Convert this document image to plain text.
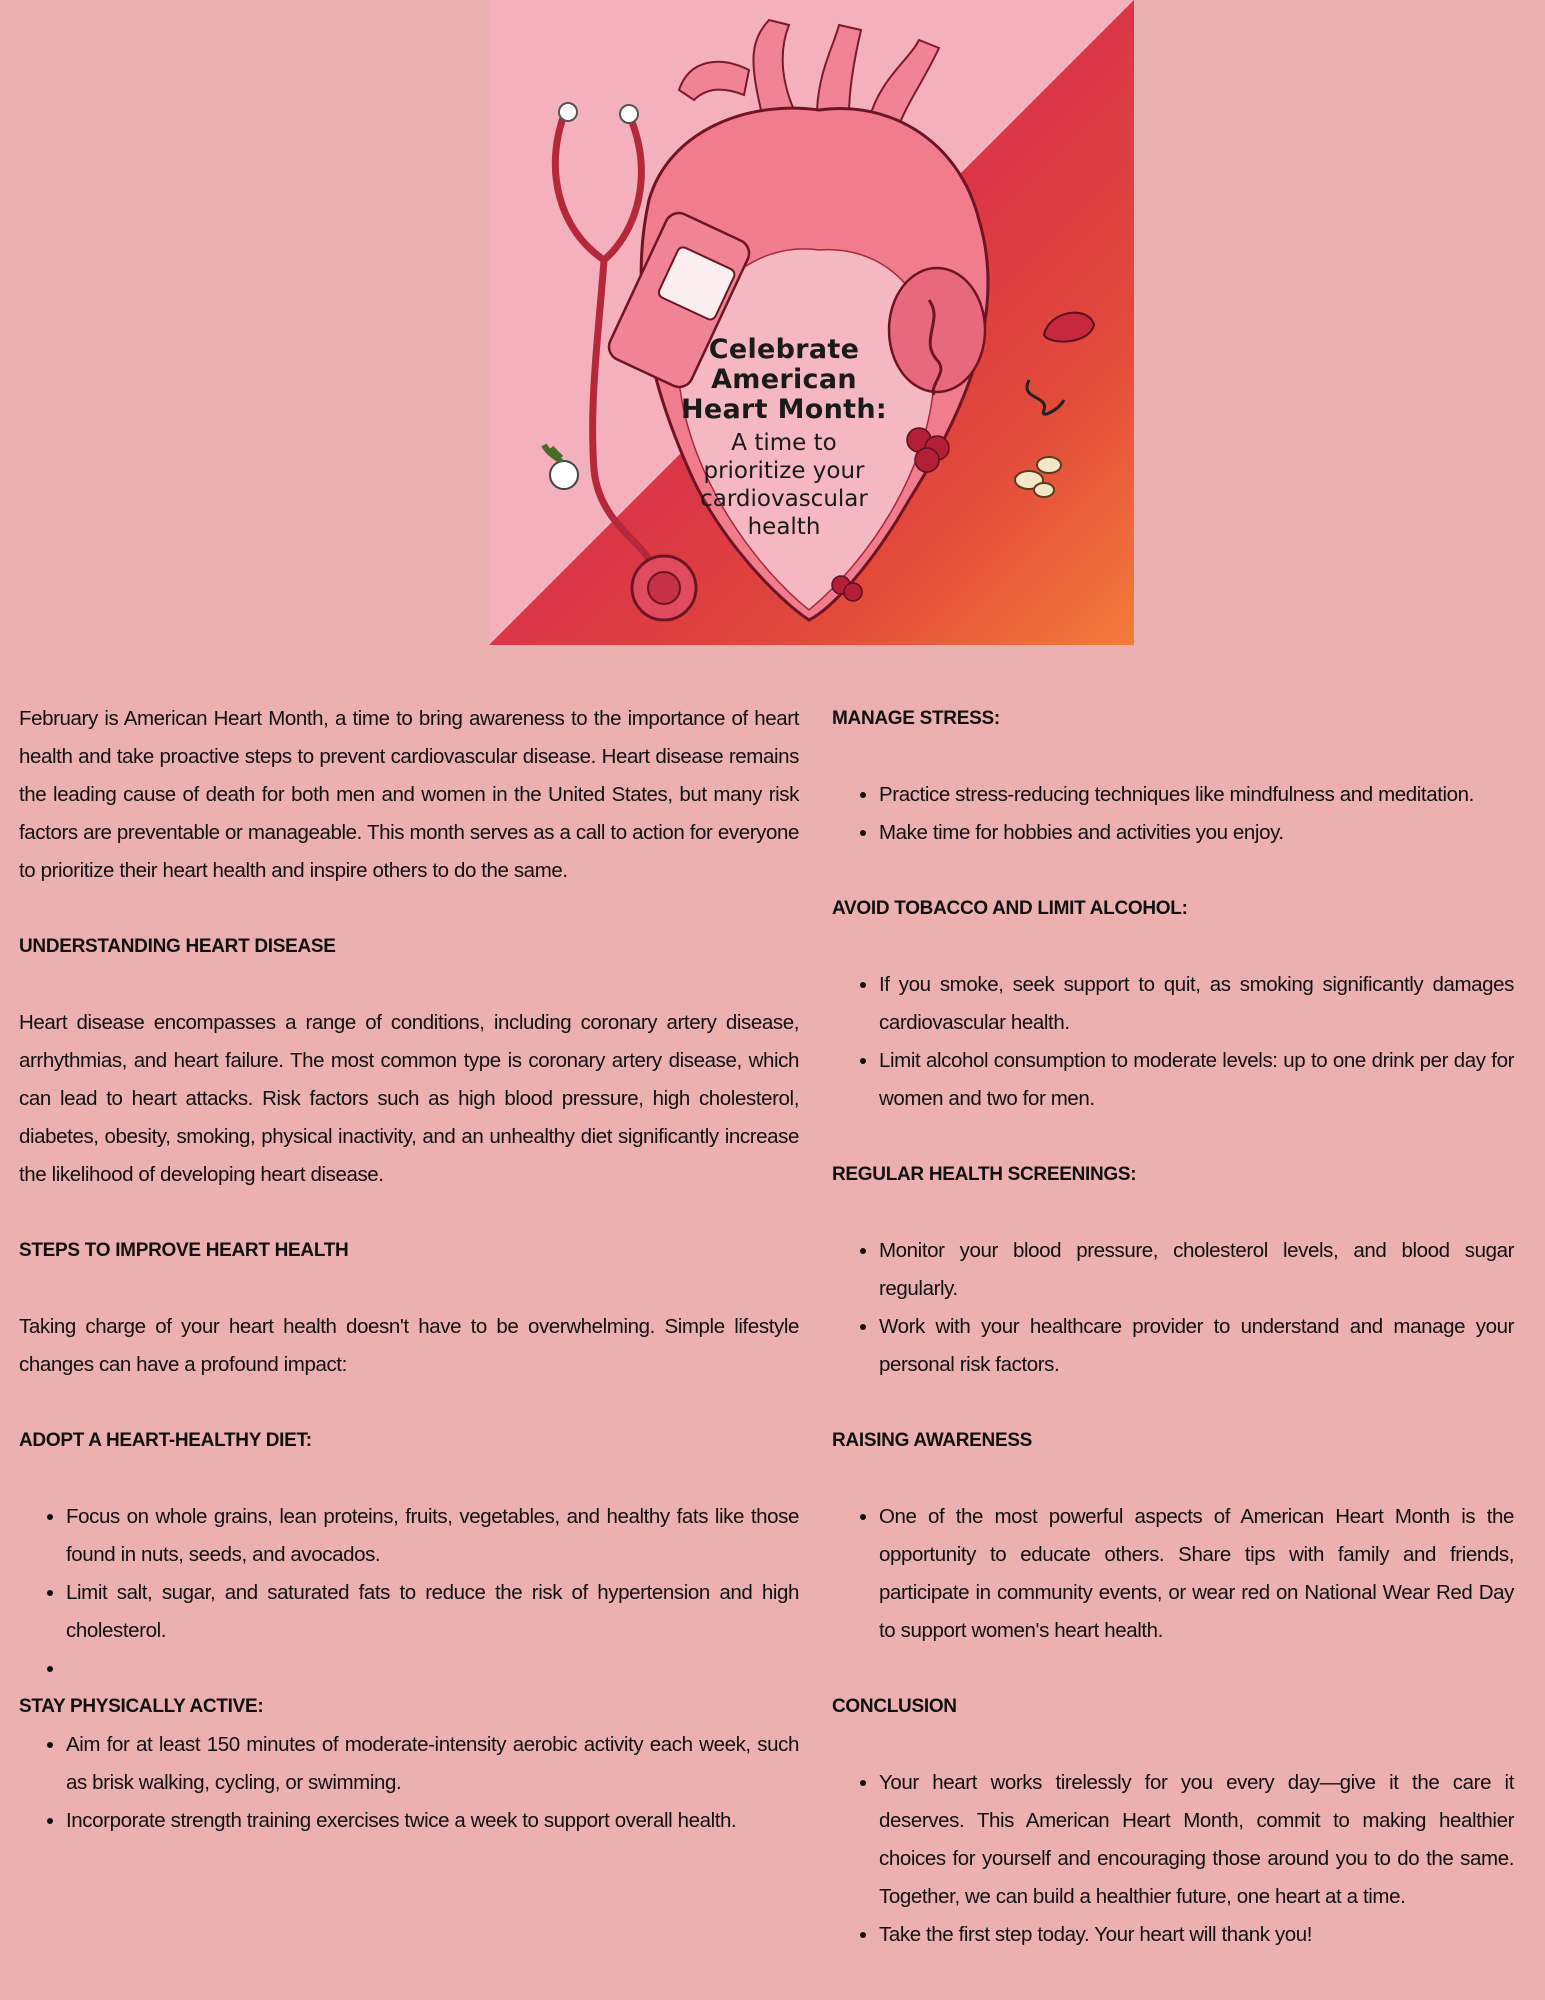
Celebrate
American
Heart Month:
A time to
prioritize your
cardiovascular
health

February is American Heart Month, a time to bring awareness to the importance of heart health and take proactive steps to prevent cardiovascular disease. Heart disease remains the leading cause of death for both men and women in the United States, but many risk factors are preventable or manageable. This month serves as a call to action for everyone to prioritize their heart health and inspire others to do the same.

UNDERSTANDING HEART DISEASE

Heart disease encompasses a range of conditions, including coronary artery disease, arrhythmias, and heart failure. The most common type is coronary artery disease, which can lead to heart attacks. Risk factors such as high blood pressure, high cholesterol, diabetes, obesity, smoking, physical inactivity, and an unhealthy diet significantly increase the likelihood of developing heart disease.

STEPS TO IMPROVE HEART HEALTH

Taking charge of your heart health doesn't have to be overwhelming. Simple lifestyle changes can have a profound impact:

ADOPT A HEART-HEALTHY DIET:
• Focus on whole grains, lean proteins, fruits, vegetables, and healthy fats like those found in nuts, seeds, and avocados.
• Limit salt, sugar, and saturated fats to reduce the risk of hypertension and high cholesterol.
•
STAY PHYSICALLY ACTIVE:
• Aim for at least 150 minutes of moderate-intensity aerobic activity each week, such as brisk walking, cycling, or swimming.
• Incorporate strength training exercises twice a week to support overall health.
MANAGE STRESS:
• Practice stress-reducing techniques like mindfulness and meditation.
• Make time for hobbies and activities you enjoy.
AVOID TOBACCO AND LIMIT ALCOHOL:
• If you smoke, seek support to quit, as smoking significantly damages cardiovascular health.
• Limit alcohol consumption to moderate levels: up to one drink per day for women and two for men.
REGULAR HEALTH SCREENINGS:
• Monitor your blood pressure, cholesterol levels, and blood sugar regularly.
• Work with your healthcare provider to understand and manage your personal risk factors.
RAISING AWARENESS
• One of the most powerful aspects of American Heart Month is the opportunity to educate others. Share tips with family and friends, participate in community events, or wear red on National Wear Red Day to support women's heart health.
CONCLUSION
• Your heart works tirelessly for you every day—give it the care it deserves. This American Heart Month, commit to making healthier choices for yourself and encouraging those around you to do the same. Together, we can build a healthier future, one heart at a time.
• Take the first step today. Your heart will thank you!
